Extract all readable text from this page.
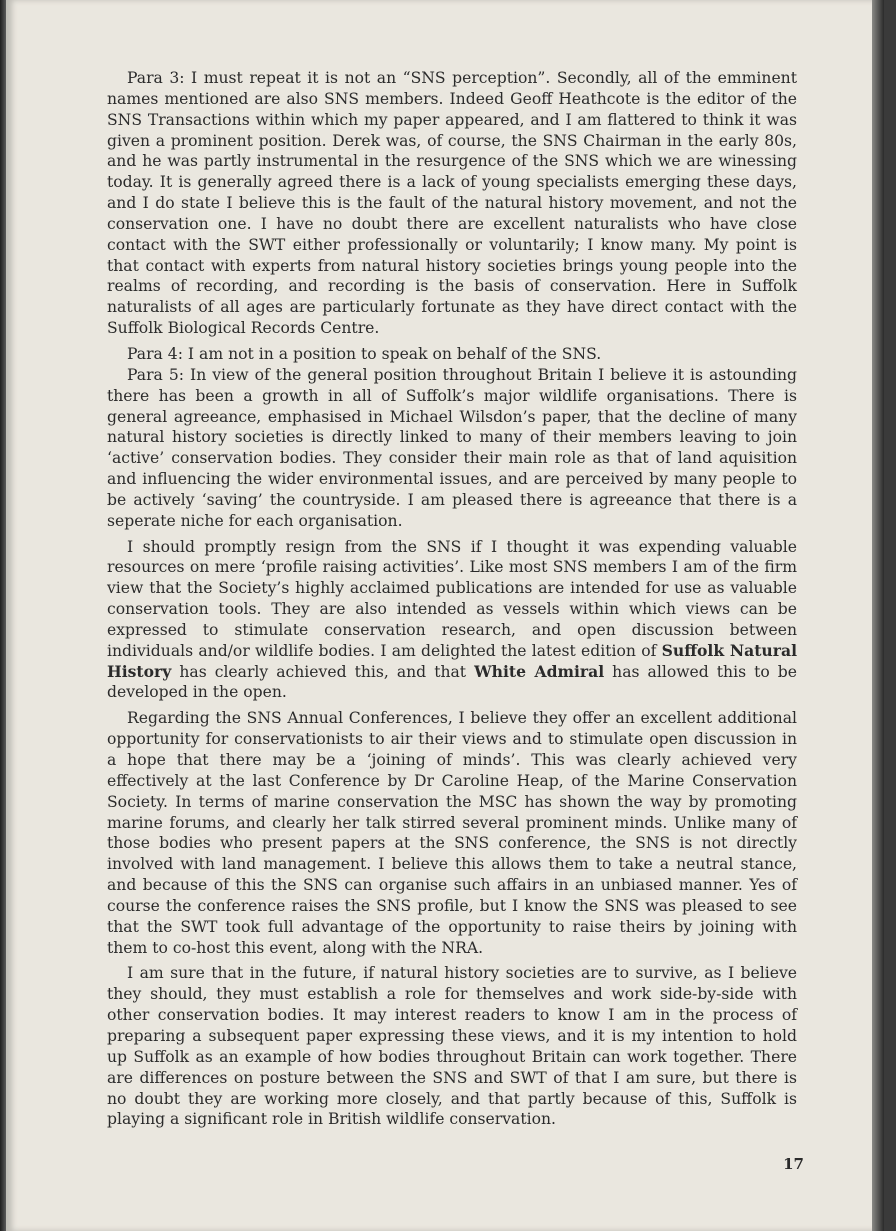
Para 3: I must repeat it is not an “SNS perception”. Secondly, all of the emminent names mentioned are also SNS members. Indeed Geoff Heathcote is the editor of the SNS Transactions within which my paper appeared, and I am flattered to think it was given a prominent position. Derek was, of course, the SNS Chairman in the early 80s, and he was partly instrumental in the resurgence of the SNS which we are winessing today. It is generally agreed there is a lack of young specialists emerging these days, and I do state I believe this is the fault of the natural history movement, and not the conservation one. I have no doubt there are excellent naturalists who have close contact with the SWT either professionally or voluntarily; I know many. My point is that contact with experts from natural history societies brings young people into the realms of recording, and recording is the basis of conservation. Here in Suffolk naturalists of all ages are particularly fortunate as they have direct contact with the Suffolk Biological Records Centre.

Para 4: I am not in a position to speak on behalf of the SNS.

Para 5: In view of the general position throughout Britain I believe it is astounding there has been a growth in all of Suffolk’s major wildlife organisations. There is general agreeance, emphasised in Michael Wilsdon’s paper, that the decline of many natural history societies is directly linked to many of their members leaving to join ‘active’ conservation bodies. They consider their main role as that of land aquisition and influencing the wider environmental issues, and are perceived by many people to be actively ‘saving’ the countryside. I am pleased there is agreeance that there is a seperate niche for each organisation.

I should promptly resign from the SNS if I thought it was expending valuable resources on mere ‘profile raising activities’. Like most SNS members I am of the firm view that the Society’s highly acclaimed publications are intended for use as valuable conservation tools. They are also intended as vessels within which views can be expressed to stimulate conservation research, and open discussion between individuals and/or wildlife bodies. I am delighted the latest edition of Suffolk Natural History has clearly achieved this, and that White Admiral has allowed this to be developed in the open.

Regarding the SNS Annual Conferences, I believe they offer an excellent additional opportunity for conservationists to air their views and to stimulate open discussion in a hope that there may be a ‘joining of minds’. This was clearly achieved very effectively at the last Conference by Dr Caroline Heap, of the Marine Conservation Society. In terms of marine conservation the MSC has shown the way by promoting marine forums, and clearly her talk stirred several prominent minds. Unlike many of those bodies who present papers at the SNS conference, the SNS is not directly involved with land management. I believe this allows them to take a neutral stance, and because of this the SNS can organise such affairs in an unbiased manner. Yes of course the conference raises the SNS profile, but I know the SNS was pleased to see that the SWT took full advantage of the opportunity to raise theirs by joining with them to co-host this event, along with the NRA.

I am sure that in the future, if natural history societies are to survive, as I believe they should, they must establish a role for themselves and work side-by-side with other conservation bodies. It may interest readers to know I am in the process of preparing a subsequent paper expressing these views, and it is my intention to hold up Suffolk as an example of how bodies throughout Britain can work together. There are differences on posture between the SNS and SWT of that I am sure, but there is no doubt they are working more closely, and that partly because of this, Suffolk is playing a significant role in British wildlife conservation.

17
